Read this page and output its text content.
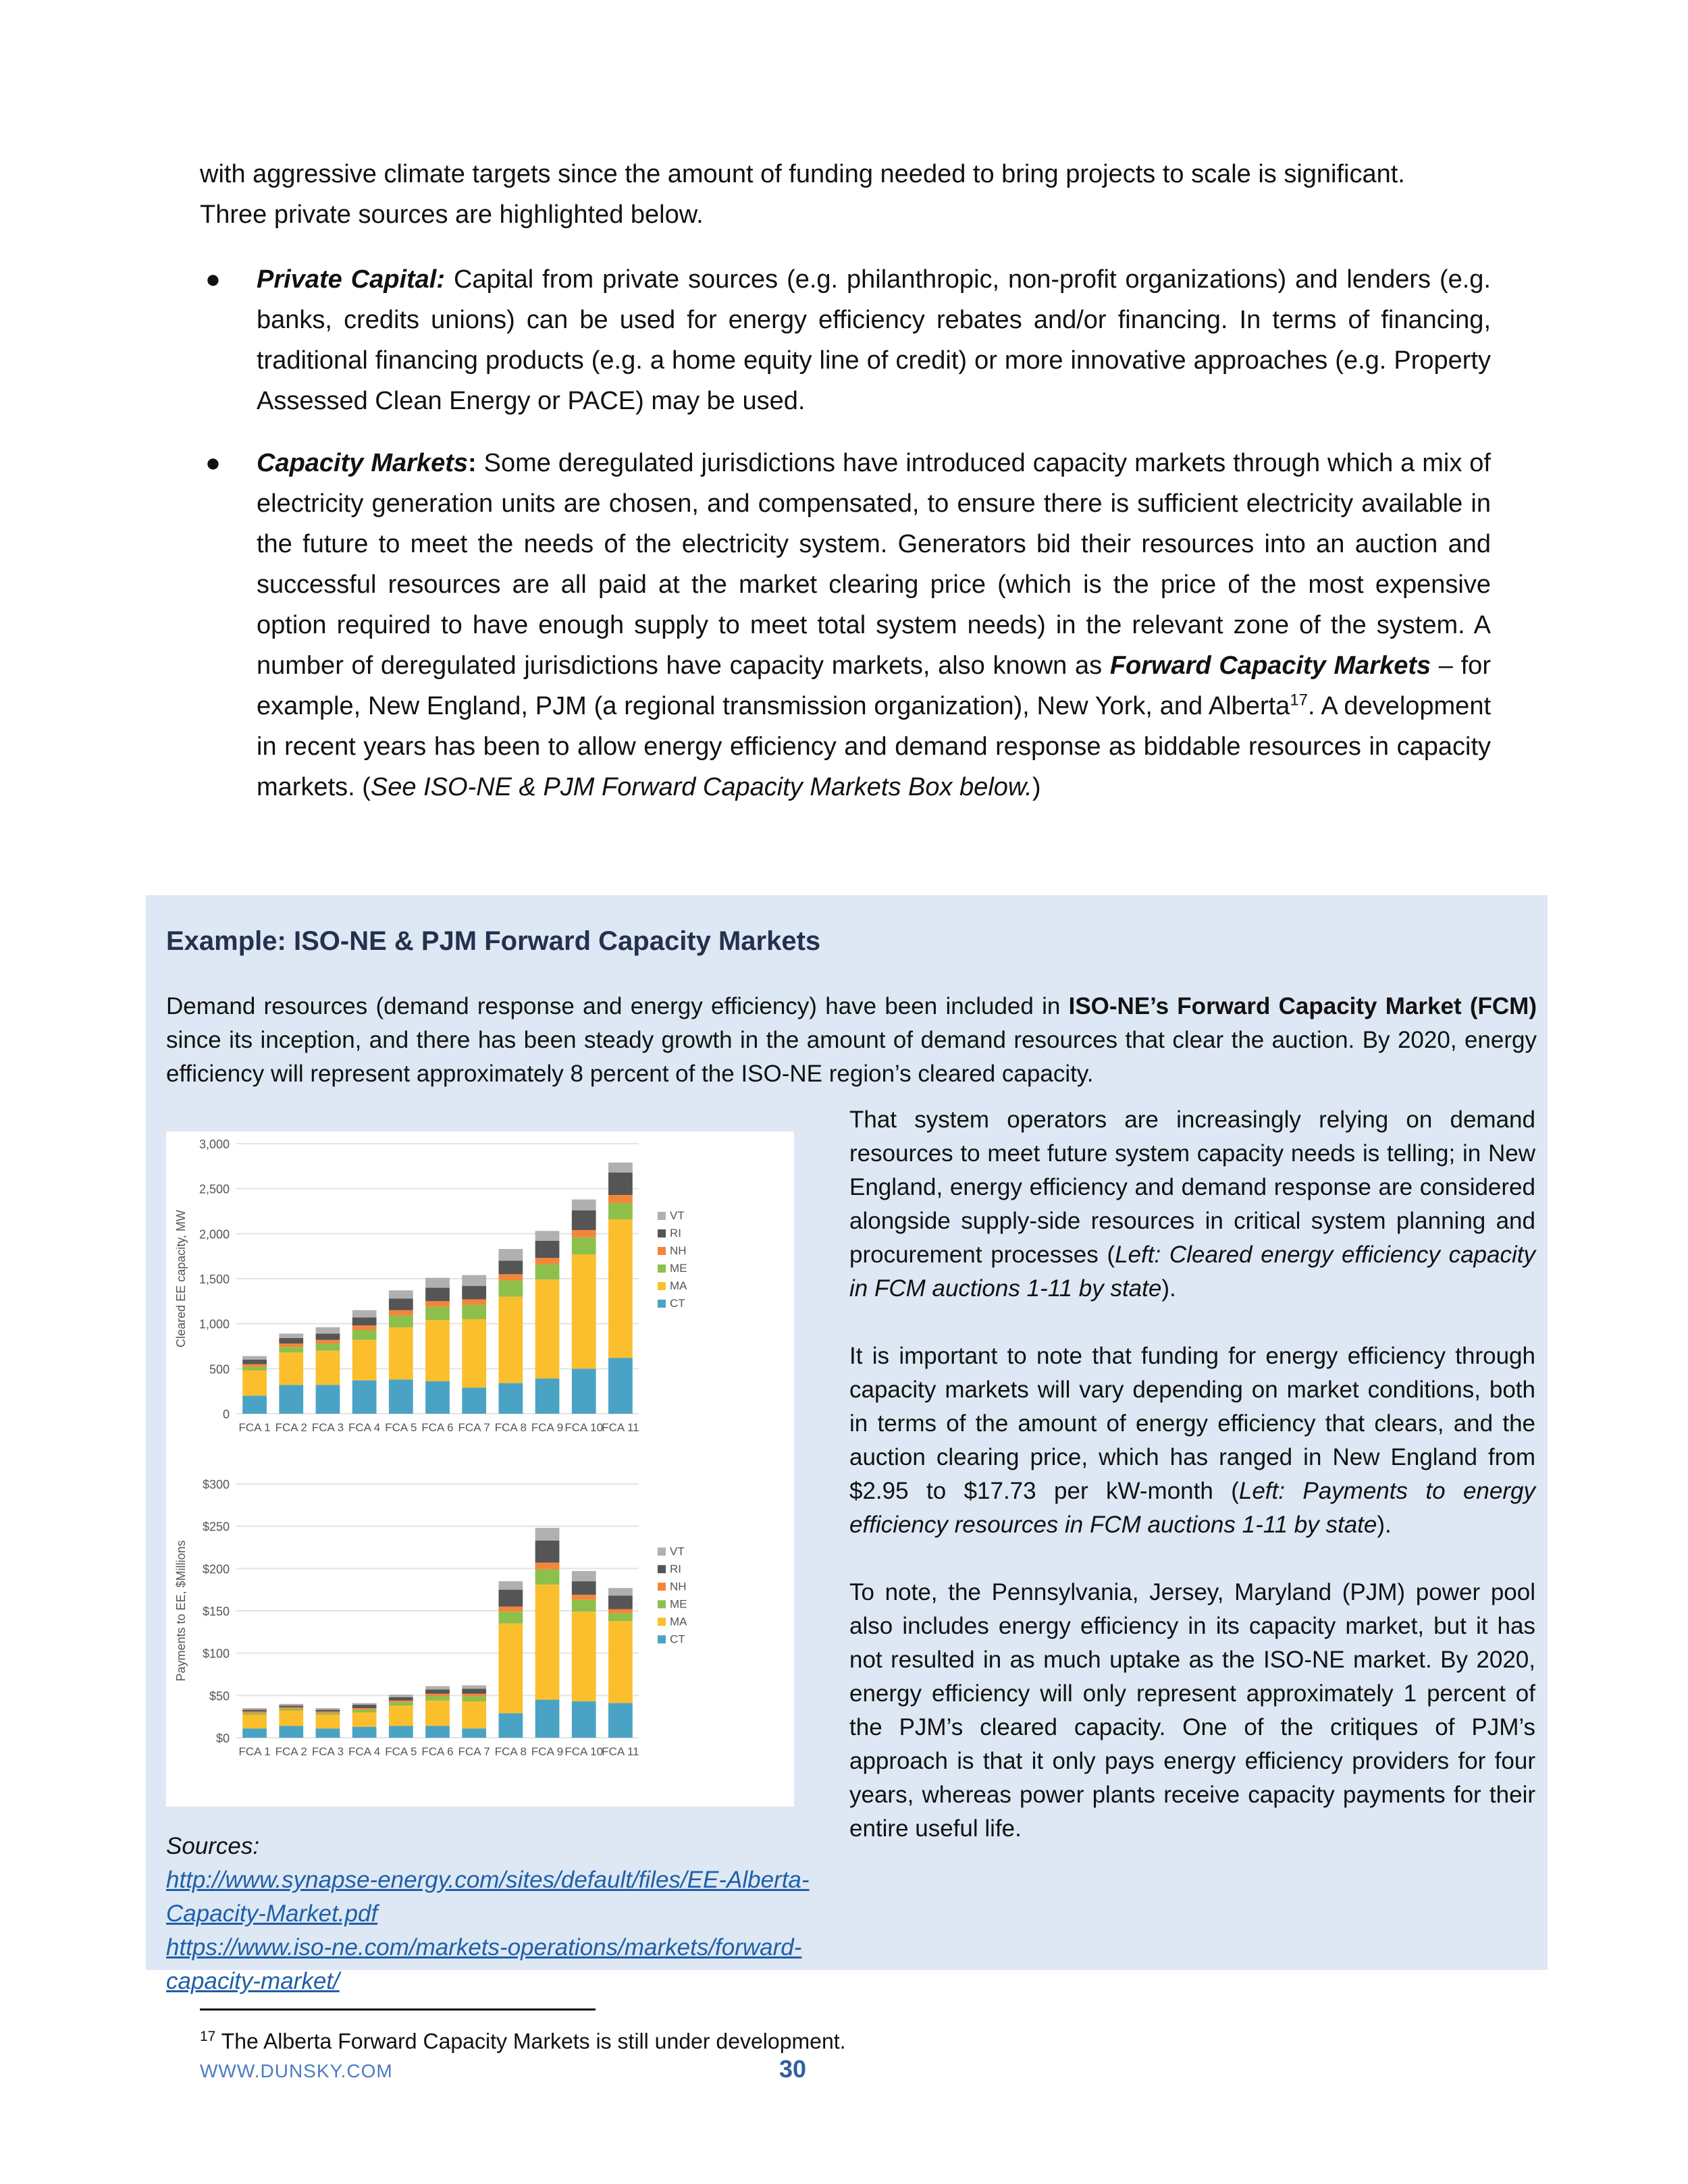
with aggressive climate targets since the amount of funding needed to bring projects to scale is significant.
Three private sources are highlighted below.
● Private Capital: Capital from private sources (e.g. philanthropic, non-profit organizations) and lenders (e.g. banks, credits unions) can be used for energy efficiency rebates and/or financing. In terms of financing, traditional financing products (e.g. a home equity line of credit) or more innovative approaches (e.g. Property Assessed Clean Energy or PACE) may be used.
● Capacity Markets: Some deregulated jurisdictions have introduced capacity markets through which a mix of electricity generation units are chosen, and compensated, to ensure there is sufficient electricity available in the future to meet the needs of the electricity system. Generators bid their resources into an auction and successful resources are all paid at the market clearing price (which is the price of the most expensive option required to have enough supply to meet total system needs) in the relevant zone of the system. A number of deregulated jurisdictions have capacity markets, also known as Forward Capacity Markets – for example, New England, PJM (a regional transmission organization), New York, and Alberta$^{17}$. A development in recent years has been to allow energy efficiency and demand response as biddable resources in capacity markets. (See ISO-NE & PJM Forward Capacity Markets Box below.)
Example: ISO-NE & PJM Forward Capacity Markets
Demand resources (demand response and energy efficiency) have been included in ISO-NE’s Forward Capacity Market (FCM) since its inception, and there has been steady growth in the amount of demand resources that clear the auction. By 2020, energy efficiency will represent approximately 8 percent of the ISO-NE region’s cleared capacity.
0
500
1,000
1,500
2,000
2,500
3,000
Cleared EE capacity, MW
FCA 1 FCA 2 FCA 3 FCA 4 FCA 5 FCA 6 FCA 7 FCA 8 FCA 9 FCA 10
FCA 11
VT
RI
NH
ME
MA
CT
$0
$50
$100
$150
$200
$250
$300
Payments to EE, $Millions
FCA 1 FCA 2 FCA 3 FCA 4 FCA 5 FCA 6 FCA 7 FCA 8 FCA 9 FCA 10
FCA 11
VT
RI
NH
ME
MA
CT

That system operators are increasingly relying on demand resources to meet future system capacity needs is telling; in New England, energy efficiency and demand response are considered alongside supply-side resources in critical system planning and procurement processes (Left: Cleared energy efficiency capacity in FCM auctions 1-11 by state).

It is important to note that funding for energy efficiency through capacity markets will vary depending on market conditions, both in terms of the amount of energy efficiency that clears, and the auction clearing price, which has ranged in New England from $2.95 to $17.73 per kW-month (Left: Payments to energy efficiency resources in FCM auctions 1-11 by state).

To note, the Pennsylvania, Jersey, Maryland (PJM) power pool also includes energy efficiency in its capacity market, but it has not resulted in as much uptake as the ISO-NE market. By 2020, energy efficiency will only represent approximately 1 percent of the PJM’s cleared capacity. One of the critiques of PJM’s approach is that it only pays energy efficiency providers for four years, whereas power plants receive capacity payments for their entire useful life.

Sources:
http://www.synapse-energy.com/sites/default/files/EE-Alberta-Capacity-Market.pdf
https://www.iso-ne.com/markets-operations/markets/forward-capacity-market/
$^{17}$ The Alberta Forward Capacity Markets is still under development.
WWW.DUNSKY.COM	30
